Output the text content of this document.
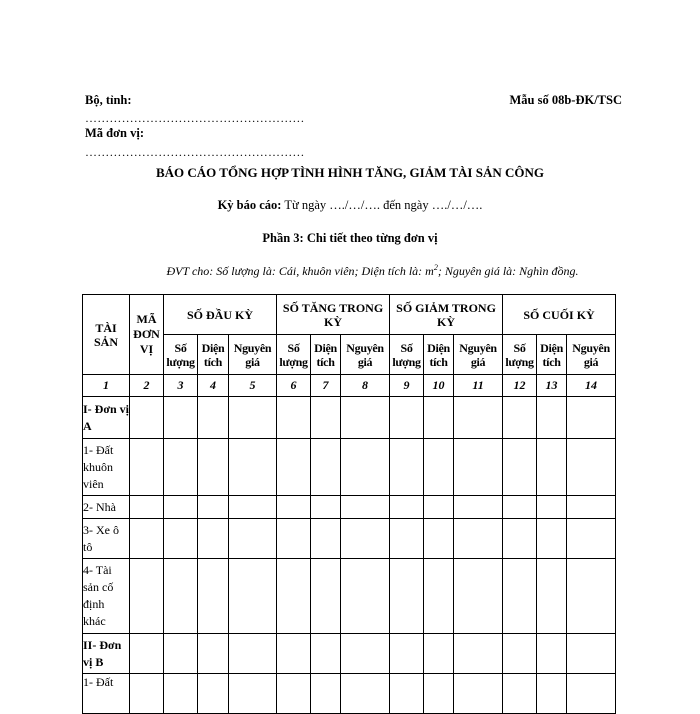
Bộ, tỉnh:	Mẫu số 08b-ĐK/TSC
………………………………………………
Mã đơn vị:
………………………………………………
BÁO CÁO TỔNG HỢP TÌNH HÌNH TĂNG, GIẢM TÀI SẢN CÔNG
Kỳ báo cáo: Từ ngày …./…/…. đến ngày …./…/….
Phần 3: Chi tiết theo từng đơn vị
ĐVT cho: Số lượng là: Cái, khuôn viên; Diện tích là: $m^2$; Nguyên giá là: Nghìn đồng.
TÀI SẢN	MÃ ĐƠN VỊ	SỐ ĐẦU KỲ			SỐ TĂNG TRONG KỲ			SỐ GIẢM TRONG KỲ			SỐ CUỐI KỲ		
		Số lượng	Diện tích	Nguyên giá	Số lượng	Diện tích	Nguyên giá	Số lượng	Diện tích	Nguyên giá	Số lượng	Diện tích	Nguyên giá
1	2	3	4	5	6	7	8	9	10	11	12	13	14
I- Đơn vị A													
1- Đất khuôn viên													
2- Nhà													
3- Xe ô tô													
4- Tài sản cố định khác													
II- Đơn vị B													
1- Đất													
